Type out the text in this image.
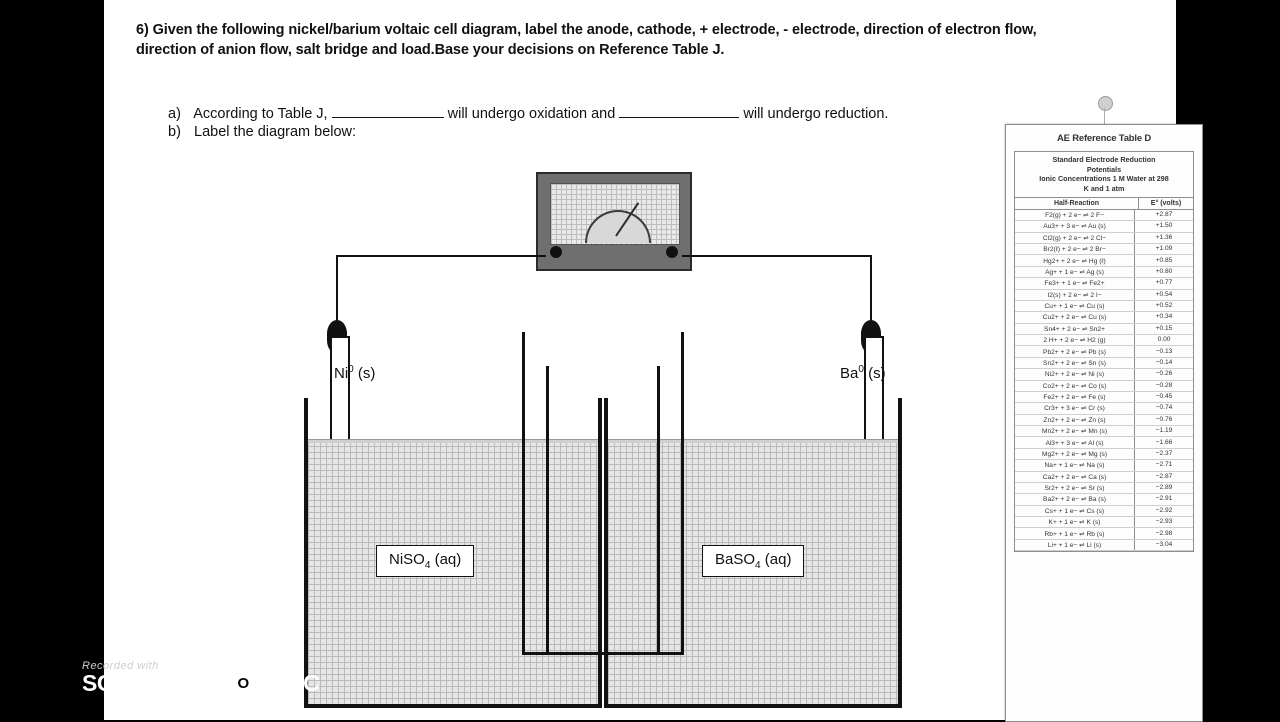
6) Given the following nickel/barium voltaic cell diagram, label the anode, cathode, + electrode, - electrode, direction of electron flow, direction of anion flow, salt bridge and load.Base your decisions on Reference Table J.
a) According to Table J,	will undergo oxidation and	will undergo reduction.
b) Label the diagram below:
Ni$^0$ (s)	Ba$^0$ (s)
NiSO$_4$ (aq)	BaSO$_4$ (aq)
AE Reference Table D
Standard Electrode Reduction
Potentials
Ionic Concentrations 1 M Water at 298
K and 1 atm
Half-Reaction	E° (volts)
F2(g) + 2 e− ⇌ 2 F−	+2.87
Au3+ + 3 e− ⇌ Au (s)	+1.50
Cl2(g) + 2 e− ⇌ 2 Cl−	+1.36
Br2(ℓ) + 2 e− ⇌ 2 Br−	+1.09
Hg2+ + 2 e− ⇌ Hg (ℓ)	+0.85
Ag+ + 1 e− ⇌ Ag (s)	+0.80
Fe3+ + 1 e− ⇌ Fe2+	+0.77
I2(s) + 2 e− ⇌ 2 I−	+0.54
Cu+ + 1 e− ⇌ Cu (s)	+0.52
Cu2+ + 2 e− ⇌ Cu (s)	+0.34
Sn4+ + 2 e− ⇌ Sn2+	+0.15
2 H+ + 2 e− ⇌ H2 (g)	0.00
Pb2+ + 2 e− ⇌ Pb (s)	−0.13
Sn2+ + 2 e− ⇌ Sn (s)	−0.14
Ni2+ + 2 e− ⇌ Ni (s)	−0.26
Co2+ + 2 e− ⇌ Co (s)	−0.28
Fe2+ + 2 e− ⇌ Fe (s)	−0.45
Cr3+ + 3 e− ⇌ Cr (s)	−0.74
Zn2+ + 2 e− ⇌ Zn (s)	−0.76
Mn2+ + 2 e− ⇌ Mn (s)	−1.19
Al3+ + 3 e− ⇌ Al (s)	−1.66
Mg2+ + 2 e− ⇌ Mg (s)	−2.37
Na+ + 1 e− ⇌ Na (s)	−2.71
Ca2+ + 2 e− ⇌ Ca (s)	−2.87
Sr2+ + 2 e− ⇌ Sr (s)	−2.89
Ba2+ + 2 e− ⇌ Ba (s)	−2.91
Cs+ + 1 e− ⇌ Cs (s)	−2.92
K+ + 1 e− ⇌ K (s)	−2.93
Rb+ + 1 e− ⇌ Rb (s)	−2.98
Li+ + 1 e− ⇌ Li (s)	−3.04
Recorded with
SCREENCAST O MATIC
